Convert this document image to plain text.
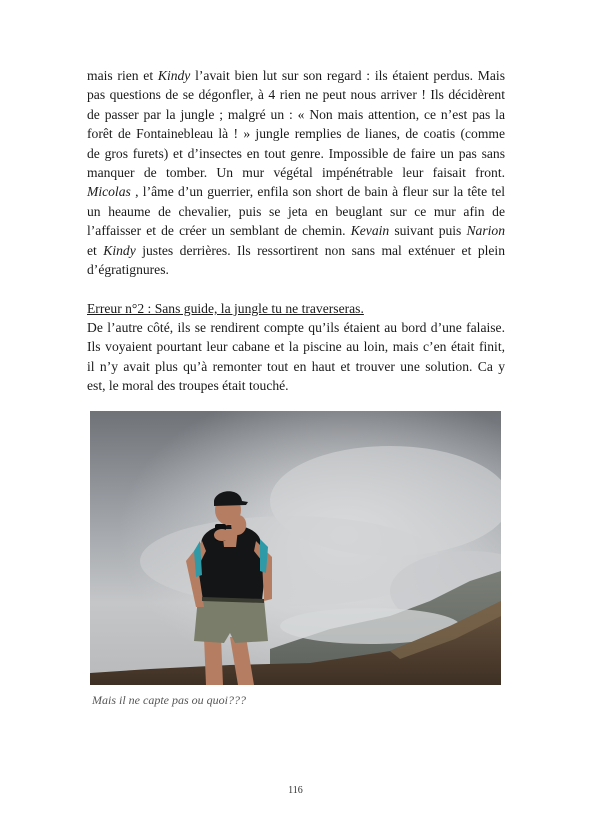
mais rien et Kindy l’avait bien lut sur son regard : ils étaient perdus. Mais
pas questions de se dégonfler, à 4 rien ne peut nous arriver ! Ils décidèrent
de passer par la jungle ; malgré un : « Non mais attention, ce n’est pas la
forêt de Fontainebleau là ! » jungle remplies de lianes, de coatis (comme
de gros furets) et d’insectes en tout genre. Impossible de faire un pas sans
manquer de tomber. Un mur végétal impénétrable leur faisait front.
Micolas , l’âme d’un guerrier, enfila son short de bain à fleur sur la tête tel
un heaume de chevalier, puis se jeta en beuglant sur ce mur afin de
l’affaisser et de créer un semblant de chemin. Kevain suivant puis Narion
et Kindy justes derrières. Ils ressortirent non sans mal exténuer et plein
d’égratignures.
Erreur n°2 : Sans guide, la jungle tu ne traverseras.
De l’autre côté, ils se rendirent compte qu’ils étaient au bord d’une falaise.
Ils voyaient pourtant leur cabane et la piscine au loin, mais c’en était finit,
il n’y avait plus qu’à remonter tout en haut et trouver une solution. Ca y
est, le moral des troupes était touché.
Mais il ne capte pas ou quoi???
116
